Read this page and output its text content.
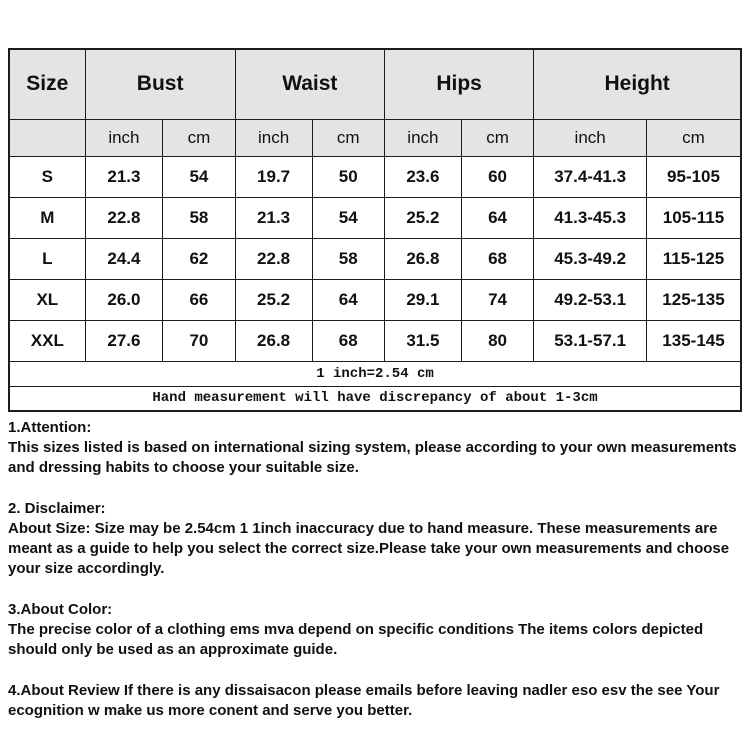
Size	Bust		Waist		Hips		Height	
	inch	cm	inch	cm	inch	cm	inch	cm
S	21.3	54	19.7	50	23.6	60	37.4-41.3	95-105
M	22.8	58	21.3	54	25.2	64	41.3-45.3	105-115
L	24.4	62	22.8	58	26.8	68	45.3-49.2	115-125
XL	26.0	66	25.2	64	29.1	74	49.2-53.1	125-135
XXL	27.6	70	26.8	68	31.5	80	53.1-57.1	135-145
1 inch=2.54 cm								
Hand measurement will have discrepancy of about 1-3cm								
1.Attention:
This sizes listed is based on international sizing system, please according to your own measurements and dressing habits to choose your suitable size.
2. Disclaimer:
About Size: Size may be 2.54cm 1 1inch inaccuracy due to hand measure. These measurements are meant as a guide to help you select the correct size.Please take your own measurements and choose your size accordingly.
3.About Color:
The precise color of a clothing ems mva depend on specific conditions The items colors depicted should only be used as an approximate guide.
4.About Review If there is any dissaisacon please emails before leaving nadler eso esv the see Your ecognition w make us more conent and serve you better.
